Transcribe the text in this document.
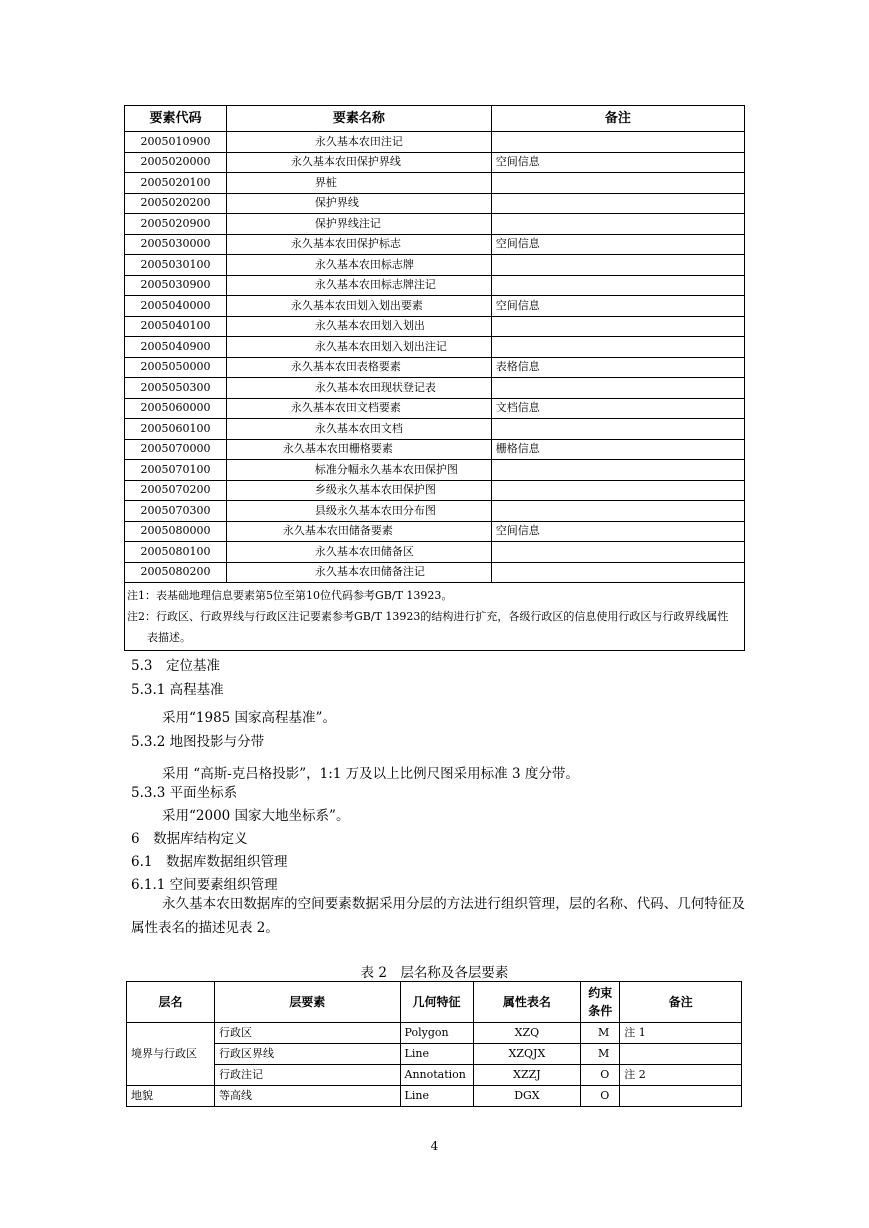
要素代码	要素名称	备注
2005010900	永久基本农田注记	
2005020000	永久基本农田保护界线	空间信息
2005020100	界桩	
2005020200	保护界线	
2005020900	保护界线注记	
2005030000	永久基本农田保护标志	空间信息
2005030100	永久基本农田标志牌	
2005030900	永久基本农田标志牌注记	
2005040000	永久基本农田划入划出要素	空间信息
2005040100	永久基本农田划入划出	
2005040900	永久基本农田划入划出注记	
2005050000	永久基本农田表格要素	表格信息
2005050300	永久基本农田现状登记表	
2005060000	永久基本农田文档要素	文档信息
2005060100	永久基本农田文档	
2005070000	永久基本农田栅格要素	栅格信息
2005070100	标准分幅永久基本农田保护图	
2005070200	乡级永久基本农田保护图	
2005070300	县级永久基本农田分布图	
2005080000	永久基本农田储备要素	空间信息
2005080100	永久基本农田储备区	
2005080200	永久基本农田储备注记	

注1：表基础地理信息要素第5位至第10位代码参考GB/T 13923。
注2：行政区、行政界线与行政区注记要素参考GB/T 13923的结构进行扩充，各级行政区的信息使用行政区与行政界线属性表描述。		
5.3　定位基准
5.3.1 高程基准
采用“1985 国家高程基准”。
5.3.2 地图投影与分带
采用 “高斯-克吕格投影”，1:1 万及以上比例尺图采用标准 3 度分带。
5.3.3 平面坐标系
采用“2000 国家大地坐标系”。
6　数据库结构定义
6.1　数据库数据组织管理
6.1.1 空间要素组织管理
永久基本农田数据库的空间要素数据采用分层的方法进行组织管理，层的名称、代码、几何特征及属性表名的描述见表 2。
表 2　层名称及各层要素
层名	层要素	几何特征	属性表名	约束条件	备注
境界与行政区	行政区	Polygon	XZQ	M	注 1
	行政区界线	Line	XZQJX	M	
	行政注记	Annotation	XZZJ	O	注 2
地貌	等高线	Line	DGX	O	
4
